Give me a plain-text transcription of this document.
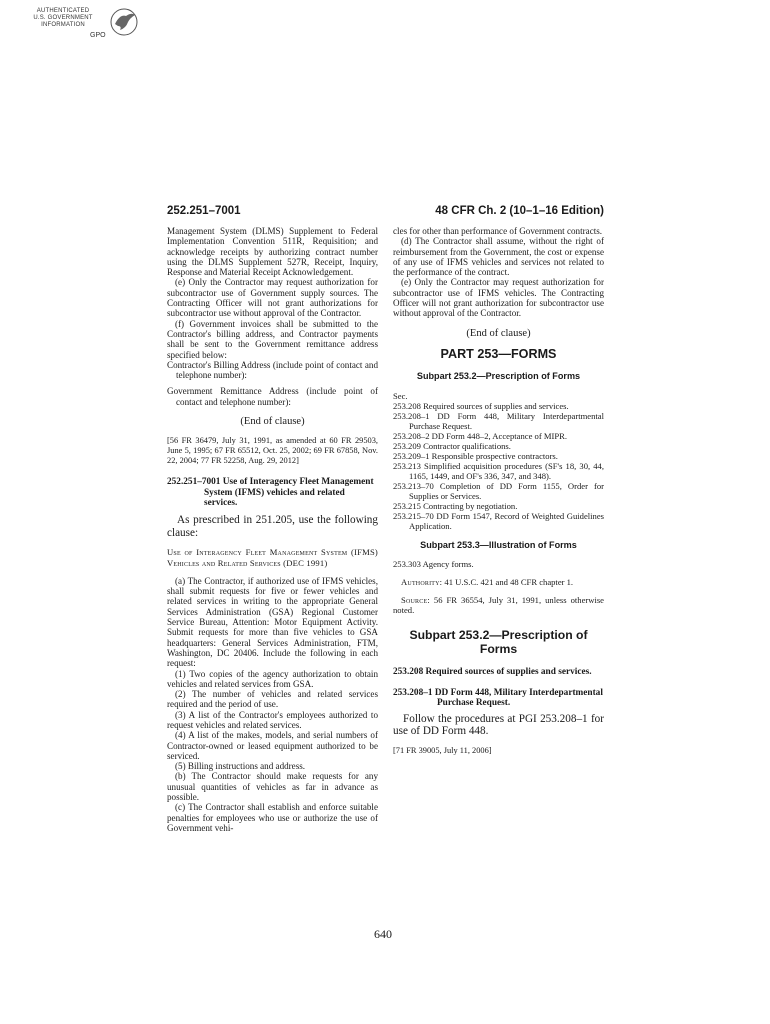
AUTHENTICATED
U.S. GOVERNMENT
INFORMATION
GPO
252.251–7001	48 CFR Ch. 2 (10–1–16 Edition)

Management System (DLMS) Supplement to Federal Implementation Convention 511R, Requisition; and acknowledge receipts by authorizing contract number using the DLMS Supplement 527R, Receipt, Inquiry, Response and Material Receipt Acknowledgement.

(e) Only the Contractor may request authorization for subcontractor use of Government supply sources. The Contracting Officer will not grant authorizations for subcontractor use without approval of the Contractor.

(f) Government invoices shall be submitted to the Contractor's billing address, and Contractor payments shall be sent to the Government remittance address specified below:

Contractor's Billing Address (include point of contact and telephone number):

Government Remittance Address (include point of contact and telephone number):

(End of clause)

[56 FR 36479, July 31, 1991, as amended at 60 FR 29503, June 5, 1995; 67 FR 65512, Oct. 25, 2002; 69 FR 67858, Nov. 22, 2004; 77 FR 52258, Aug. 29, 2012]

252.251–7001 Use of Interagency Fleet Management System (IFMS) vehicles and related services.

As prescribed in 251.205, use the following clause:

Use of Interagency Fleet Management System (IFMS) Vehicles and Related Services (DEC 1991)

(a) The Contractor, if authorized use of IFMS vehicles, shall submit requests for five or fewer vehicles and related services in writing to the appropriate General Services Administration (GSA) Regional Customer Service Bureau, Attention: Motor Equipment Activity. Submit requests for more than five vehicles to GSA headquarters: General Services Administration, FTM, Washington, DC 20406. Include the following in each request:

(1) Two copies of the agency authorization to obtain vehicles and related services from GSA.

(2) The number of vehicles and related services required and the period of use.

(3) A list of the Contractor's employees authorized to request vehicles and related services.

(4) A list of the makes, models, and serial numbers of Contractor-owned or leased equipment authorized to be serviced.

(5) Billing instructions and address.

(b) The Contractor should make requests for any unusual quantities of vehicles as far in advance as possible.

(c) The Contractor shall establish and enforce suitable penalties for employees who use or authorize the use of Government vehi-

cles for other than performance of Government contracts.

(d) The Contractor shall assume, without the right of reimbursement from the Government, the cost or expense of any use of IFMS vehicles and services not related to the performance of the contract.

(e) Only the Contractor may request authorization for subcontractor use of IFMS vehicles. The Contracting Officer will not grant authorization for subcontractor use without approval of the Contractor.

(End of clause)
PART 253—FORMS
Subpart 253.2—Prescription of Forms

Sec.

253.208 Required sources of supplies and services.

253.208–1 DD Form 448, Military Interdepartmental Purchase Request.

253.208–2 DD Form 448–2, Acceptance of MIPR.

253.209 Contractor qualifications.

253.209–1 Responsible prospective contractors.

253.213 Simplified acquisition procedures (SF's 18, 30, 44, 1165, 1449, and OF's 336, 347, and 348).

253.213–70 Completion of DD Form 1155, Order for Supplies or Services.

253.215 Contracting by negotiation.

253.215–70 DD Form 1547, Record of Weighted Guidelines Application.

Subpart 253.3—Illustration of Forms

253.303 Agency forms.

Authority: 41 U.S.C. 421 and 48 CFR chapter 1.

Source: 56 FR 36554, July 31, 1991, unless otherwise noted.

Subpart 253.2—Prescription of Forms

253.208 Required sources of supplies and services.

253.208–1 DD Form 448, Military Interdepartmental Purchase Request.

Follow the procedures at PGI 253.208–1 for use of DD Form 448.

[71 FR 39005, July 11, 2006]

640
